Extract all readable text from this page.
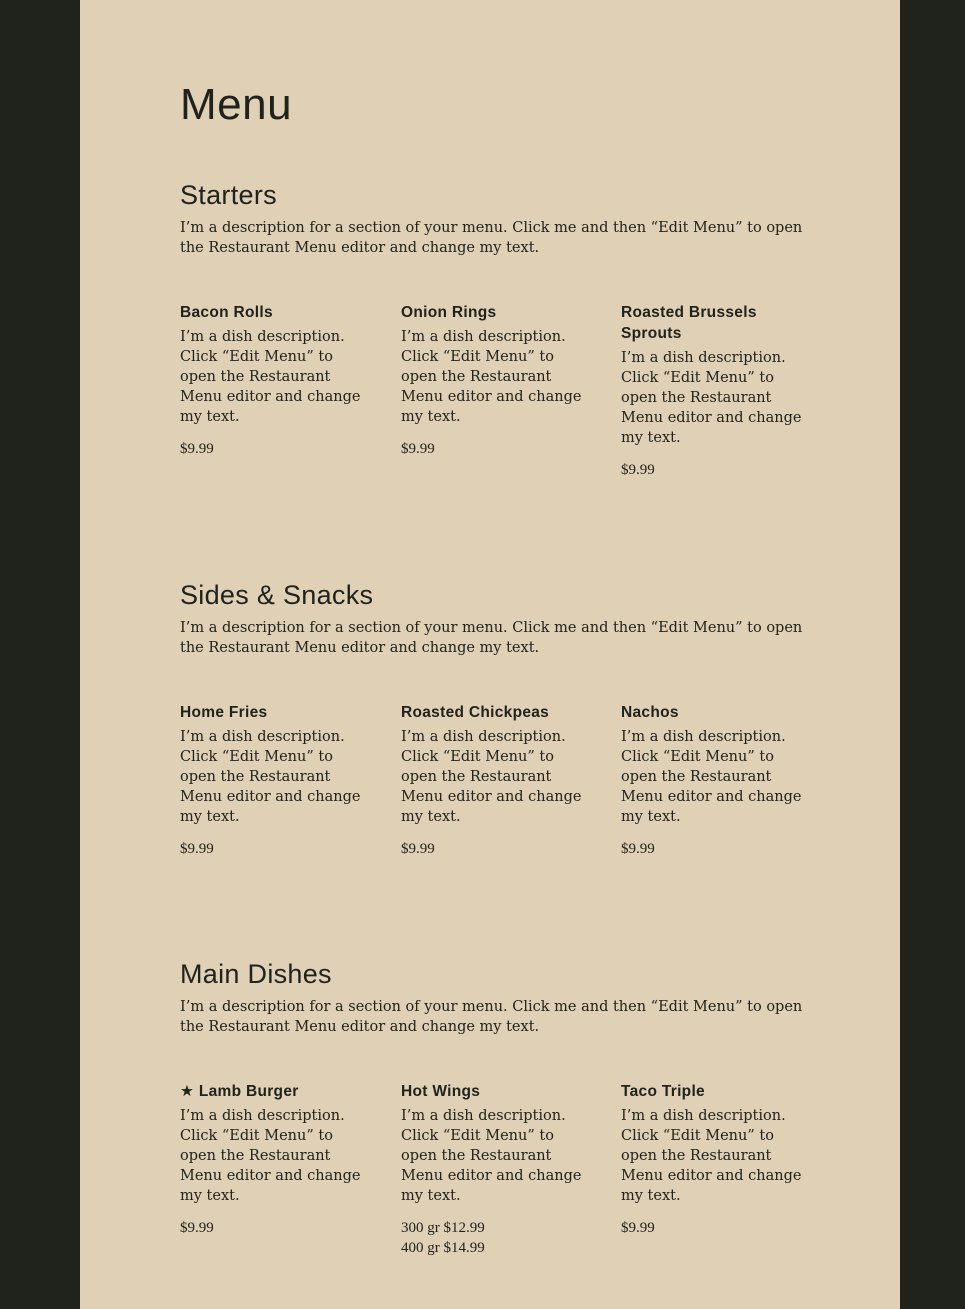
Menu
Starters

I’m a description for a section of your menu. Click me and then “Edit Menu” to open the Restaurant Menu editor and change my text.

Bacon Rolls
I’m a dish description. Click “Edit Menu” to open the Restaurant Menu editor and change my text.
$9.99
Onion Rings
I’m a dish description. Click “Edit Menu” to open the Restaurant Menu editor and change my text.
$9.99
Roasted Brussels Sprouts
I’m a dish description. Click “Edit Menu” to open the Restaurant Menu editor and change my text.
$9.99
Sides & Snacks

I’m a description for a section of your menu. Click me and then “Edit Menu” to open the Restaurant Menu editor and change my text.

Home Fries
I’m a dish description. Click “Edit Menu” to open the Restaurant Menu editor and change my text.
$9.99
Roasted Chickpeas
I’m a dish description. Click “Edit Menu” to open the Restaurant Menu editor and change my text.
$9.99
Nachos
I’m a dish description. Click “Edit Menu” to open the Restaurant Menu editor and change my text.
$9.99
Main Dishes

I’m a description for a section of your menu. Click me and then “Edit Menu” to open the Restaurant Menu editor and change my text.

★ Lamb Burger
I’m a dish description. Click “Edit Menu” to open the Restaurant Menu editor and change my text.
$9.99
Hot Wings
I’m a dish description. Click “Edit Menu” to open the Restaurant Menu editor and change my text.
300 gr $12.99
400 gr $14.99
Taco Triple
I’m a dish description. Click “Edit Menu” to open the Restaurant Menu editor and change my text.
$9.99
